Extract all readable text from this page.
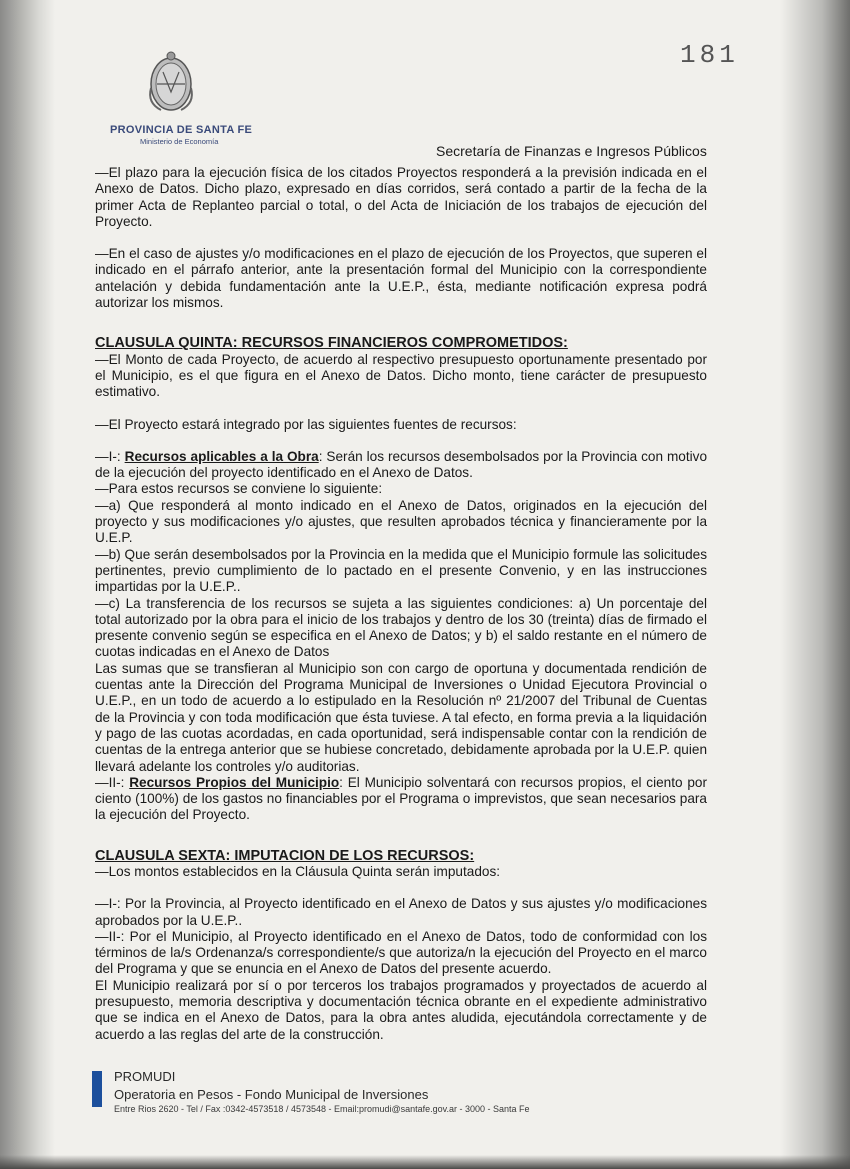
181
PROVINCIA DE SANTA FE
Ministerio de Economía
Secretaría de Finanzas e Ingresos Públicos

—El plazo para la ejecución física de los citados Proyectos responderá a la previsión indicada en el Anexo de Datos. Dicho plazo, expresado en días corridos, será contado a partir de la fecha de la primer Acta de Replanteo parcial o total, o del Acta de Iniciación de los trabajos de ejecución del Proyecto.

—En el caso de ajustes y/o modificaciones en el plazo de ejecución de los Proyectos, que superen el indicado en el párrafo anterior, ante la presentación formal del Municipio con la correspondiente antelación y debida fundamentación ante la U.E.P., ésta, mediante notificación expresa podrá autorizar los mismos.

CLAUSULA QUINTA: RECURSOS FINANCIEROS COMPROMETIDOS:

—El Monto de cada Proyecto, de acuerdo al respectivo presupuesto oportunamente presentado por el Municipio, es el que figura en el Anexo de Datos. Dicho monto, tiene carácter de presupuesto estimativo.

—El Proyecto estará integrado por las siguientes fuentes de recursos:

—I-: Recursos aplicables a la Obra: Serán los recursos desembolsados por la Provincia con motivo de la ejecución del proyecto identificado en el Anexo de Datos.

—Para estos recursos se conviene lo siguiente:

—a) Que responderá al monto indicado en el Anexo de Datos, originados en la ejecución del proyecto y sus modificaciones y/o ajustes, que resulten aprobados técnica y financieramente por la U.E.P.

—b) Que serán desembolsados por la Provincia en la medida que el Municipio formule las solicitudes pertinentes, previo cumplimiento de lo pactado en el presente Convenio, y en las instrucciones impartidas por la U.E.P..

—c) La transferencia de los recursos se sujeta a las siguientes condiciones: a) Un porcentaje del total autorizado por la obra para el inicio de los trabajos y dentro de los 30 (treinta) días de firmado el presente convenio según se especifica en el Anexo de Datos; y b) el saldo restante en el número de cuotas indicadas en el Anexo de Datos

Las sumas que se transfieran al Municipio son con cargo de oportuna y documentada rendición de cuentas ante la Dirección del Programa Municipal de Inversiones o Unidad Ejecutora Provincial o U.E.P., en un todo de acuerdo a lo estipulado en la Resolución nº 21/2007 del Tribunal de Cuentas de la Provincia y con toda modificación que ésta tuviese. A tal efecto, en forma previa a la liquidación y pago de las cuotas acordadas, en cada oportunidad, será indispensable contar con la rendición de cuentas de la entrega anterior que se hubiese concretado, debidamente aprobada por la U.E.P. quien llevará adelante los controles y/o auditorias.

—II-: Recursos Propios del Municipio: El Municipio solventará con recursos propios, el ciento por ciento (100%) de los gastos no financiables por el Programa o imprevistos, que sean necesarios para la ejecución del Proyecto.

CLAUSULA SEXTA: IMPUTACION DE LOS RECURSOS:

—Los montos establecidos en la Cláusula Quinta serán imputados:

—I-: Por la Provincia, al Proyecto identificado en el Anexo de Datos y sus ajustes y/o modificaciones aprobados por la U.E.P..

—II-: Por el Municipio, al Proyecto identificado en el Anexo de Datos, todo de conformidad con los términos de la/s Ordenanza/s correspondiente/s que autoriza/n la ejecución del Proyecto en el marco del Programa y que se enuncia en el Anexo de Datos del presente acuerdo.

El Municipio realizará por sí o por terceros los trabajos programados y proyectados de acuerdo al presupuesto, memoria descriptiva y documentación técnica obrante en el expediente administrativo que se indica en el Anexo de Datos, para la obra antes aludida, ejecutándola correctamente y de acuerdo a las reglas del arte de la construcción.

PROMUDI
Operatoria en Pesos - Fondo Municipal de Inversiones
Entre Rios 2620 - Tel / Fax :0342-4573518 / 4573548 - Email:promudi@santafe.gov.ar - 3000 - Santa Fe
